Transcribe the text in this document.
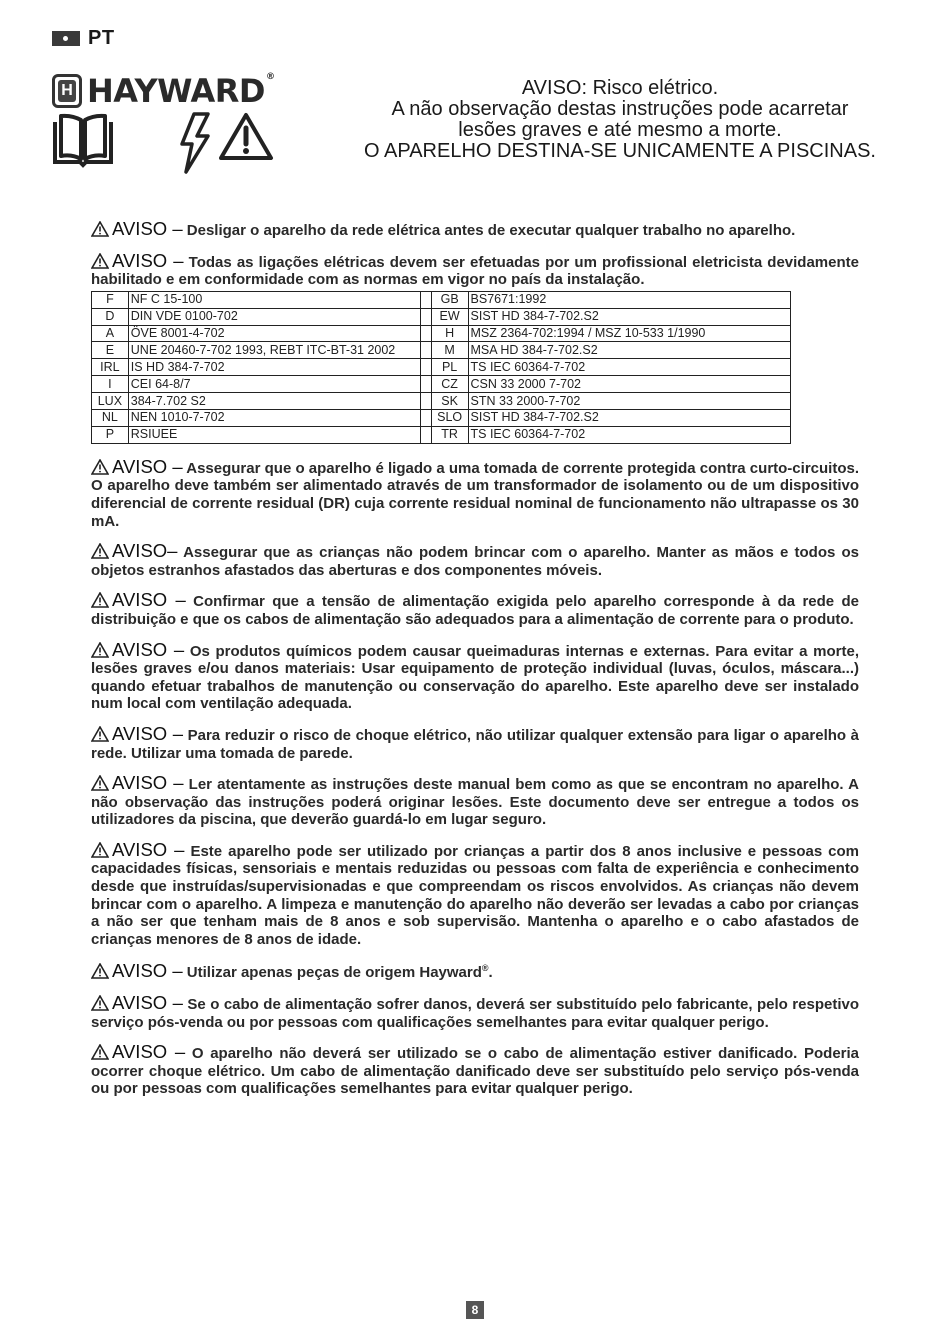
PT
H HAYWARD®	AVISO: Risco elétrico.
A não observação destas instruções pode acarretar
lesões graves e até mesmo a morte.
O APARELHO DESTINA-SE UNICAMENTE A PISCINAS.
AVISO – Desligar o aparelho da rede elétrica antes de executar qualquer trabalho no aparelho.
AVISO – Todas as ligações elétricas devem ser efetuadas por um profissional eletricista devidamente habilitado e em conformidade com as normas em vigor no país da instalação.
F	NF C 15-100		GB	BS7671:1992
D	DIN VDE 0100-702		EW	SIST HD 384-7-702.S2
A	ÖVE 8001-4-702		H	MSZ 2364-702:1994 / MSZ 10-533 1/1990
E	UNE 20460-7-702 1993, REBT ITC-BT-31 2002		M	MSA HD 384-7-702.S2
IRL	IS HD 384-7-702		PL	TS IEC 60364-7-702
I	CEI 64-8/7		CZ	CSN 33 2000 7-702
LUX	384-7.702 S2		SK	STN 33 2000-7-702
NL	NEN 1010-7-702		SLO	SIST HD 384-7-702.S2
P	RSIUEE		TR	TS IEC 60364-7-702
AVISO – Assegurar que o aparelho é ligado a uma tomada de corrente protegida contra curto-circuitos. O aparelho deve também ser alimentado através de um transformador de isolamento ou de um dispositivo diferencial de corrente residual (DR) cuja corrente residual nominal de funcionamento não ultrapasse os 30 mA.
AVISO– Assegurar que as crianças não podem brincar com o aparelho. Manter as mãos e todos os objetos estranhos afastados das aberturas e dos componentes móveis.
AVISO – Confirmar que a tensão de alimentação exigida pelo aparelho corresponde à da rede de distribuição e que os cabos de alimentação são adequados para a alimentação de corrente para o produto.
AVISO – Os produtos químicos podem causar queimaduras internas e externas. Para evitar a morte, lesões graves e/ou danos materiais: Usar equipamento de proteção individual (luvas, óculos, máscara...) quando efetuar trabalhos de manutenção ou conservação do aparelho. Este aparelho deve ser instalado num local com ventilação adequada.
AVISO – Para reduzir o risco de choque elétrico, não utilizar qualquer extensão para ligar o aparelho à rede. Utilizar uma tomada de parede.
AVISO – Ler atentamente as instruções deste manual bem como as que se encontram no aparelho. A não observação das instruções poderá originar lesões. Este documento deve ser entregue a todos os utilizadores da piscina, que deverão guardá-lo em lugar seguro.
AVISO – Este aparelho pode ser utilizado por crianças a partir dos 8 anos inclusive e pessoas com capacidades físicas, sensoriais e mentais reduzidas ou pessoas com falta de experiência e conhecimento desde que instruídas/supervisionadas e que compreendam os riscos envolvidos. As crianças não devem brincar com o aparelho. A limpeza e manutenção do aparelho não deverão ser levadas a cabo por crianças a não ser que tenham mais de 8 anos e sob supervisão. Mantenha o aparelho e o cabo afastados de crianças menores de 8 anos de idade.
AVISO – Utilizar apenas peças de origem Hayward®.
AVISO – Se o cabo de alimentação sofrer danos, deverá ser substituído pelo fabricante, pelo respetivo serviço pós-venda ou por pessoas com qualificações semelhantes para evitar qualquer perigo.
AVISO – O aparelho não deverá ser utilizado se o cabo de alimentação estiver danificado. Poderia ocorrer choque elétrico. Um cabo de alimentação danificado deve ser substituído pelo serviço pós-venda ou por pessoas com qualificações semelhantes para evitar qualquer perigo.
8
